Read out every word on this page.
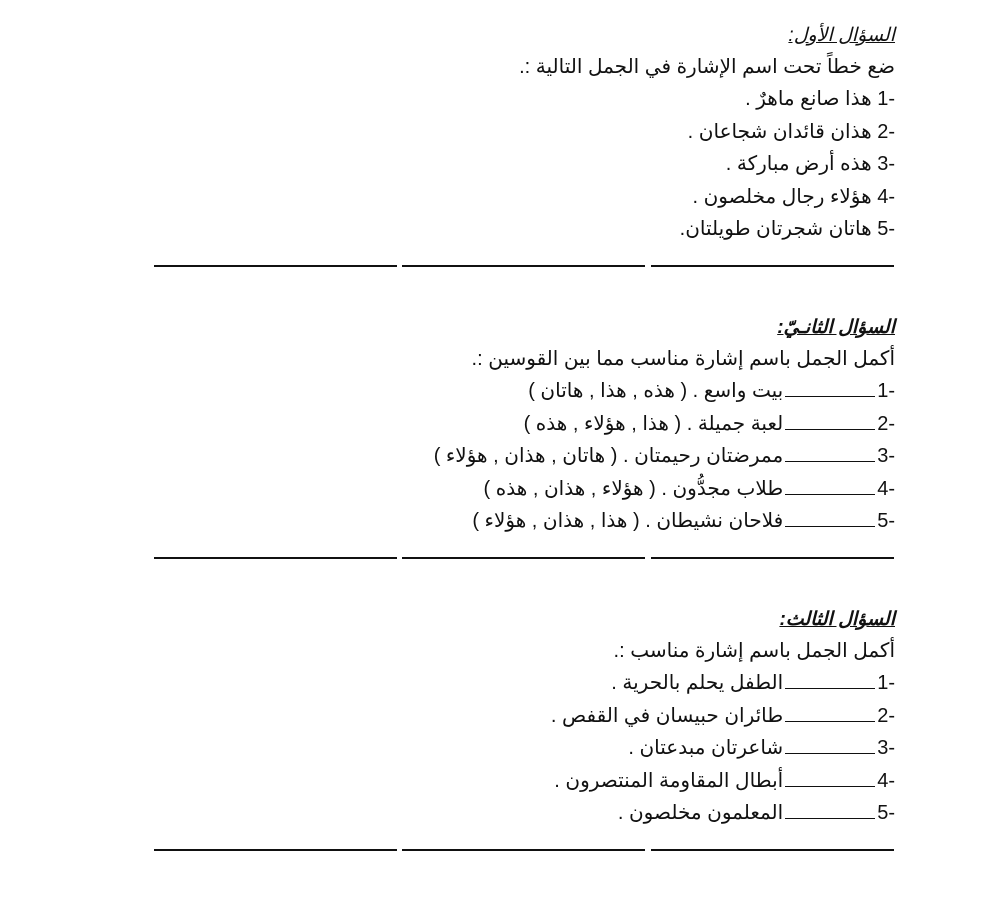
السؤال الأول:
ضع خطاً تحت اسم الإشارة في الجمل التالية :.
1- هذا صانع ماهرٌ .
2- هذان قائدان شجاعان .
3- هذه أرض مباركة .
4- هؤلاء رجال مخلصون .
5- هاتان شجرتان طويلتان.
السؤال الثانـيّ:
أكمل الجمل باسم إشارة مناسب مما بين القوسين :.
1-بيت واسع . ( هذه , هذا , هاتان )
2-لعبة جميلة . ( هذا , هؤلاء , هذه )
3-ممرضتان رحيمتان . ( هاتان , هذان , هؤلاء )
4-طلاب مجدُّون . ( هؤلاء , هذان , هذه )
5-فلاحان نشيطان . ( هذا , هذان , هؤلاء )
السؤال الثالث:
أكمل الجمل باسم إشارة مناسب :.
1-الطفل يحلم بالحرية .
2-طائران حبيسان في القفص .
3-شاعرتان مبدعتان .
4-أبطال المقاومة المنتصرون .
5-المعلمون مخلصون .
